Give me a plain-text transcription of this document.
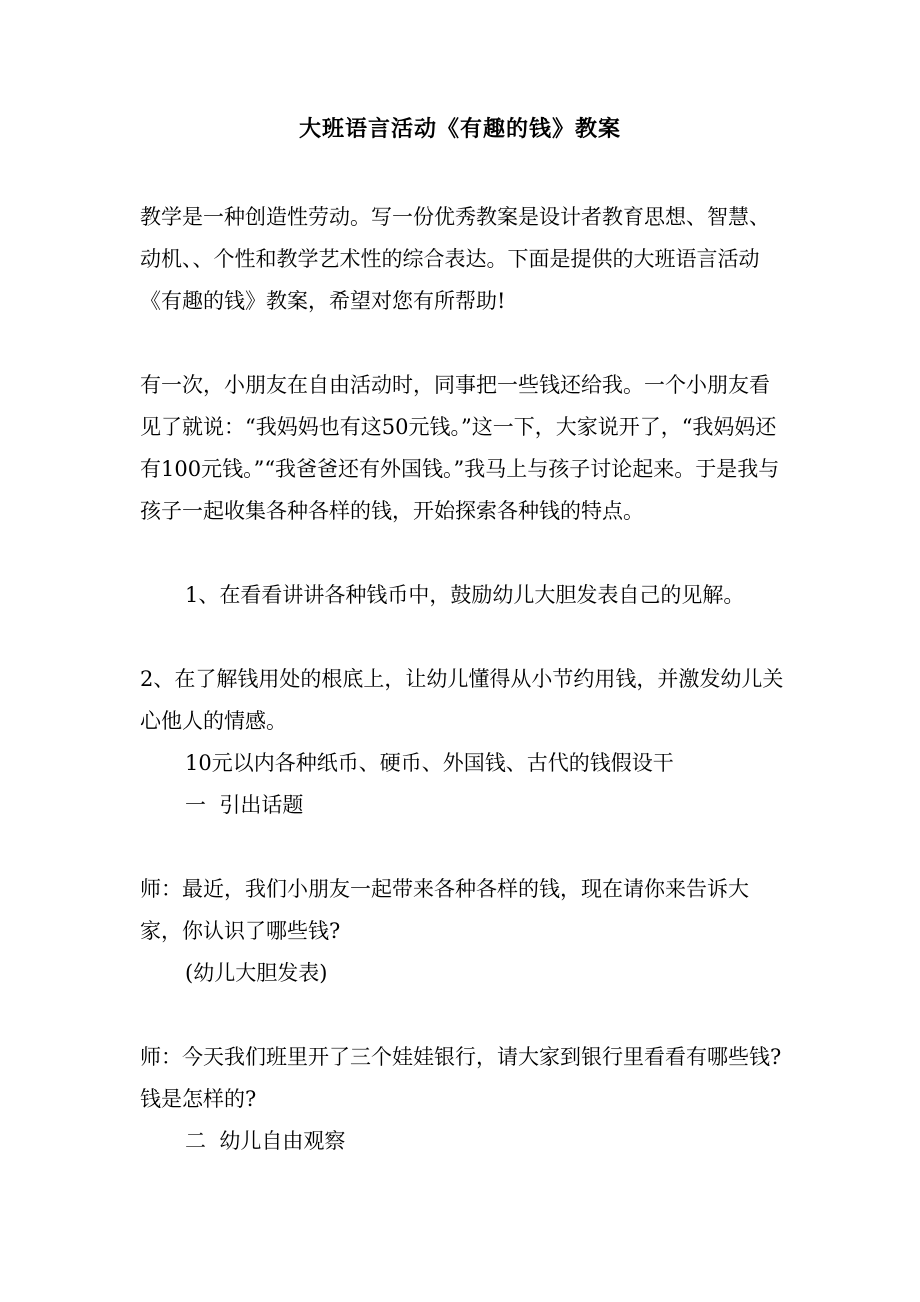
大班语言活动《有趣的钱》教案

教学是一种创造性劳动。写一份优秀教案是设计者教育思想、智慧、动机、、个性和教学艺术性的综合表达。下面是提供的大班语言活动《有趣的钱》教案，希望对您有所帮助!

有一次，小朋友在自由活动时，同事把一些钱还给我。一个小朋友看见了就说：“我妈妈也有这50元钱。”这一下，大家说开了，“我妈妈还有100元钱。”“我爸爸还有外国钱。”我马上与孩子讨论起来。于是我与孩子一起收集各种各样的钱，开始探索各种钱的特点。

1、在看看讲讲各种钱币中，鼓励幼儿大胆发表自己的见解。

2、在了解钱用处的根底上，让幼儿懂得从小节约用钱，并激发幼儿关心他人的情感。

10元以内各种纸币、硬币、外国钱、古代的钱假设干

一  引出话题

师：最近，我们小朋友一起带来各种各样的钱，现在请你来告诉大家，你认识了哪些钱?

(幼儿大胆发表)

师：今天我们班里开了三个娃娃银行，请大家到银行里看看有哪些钱?钱是怎样的?

二  幼儿自由观察
